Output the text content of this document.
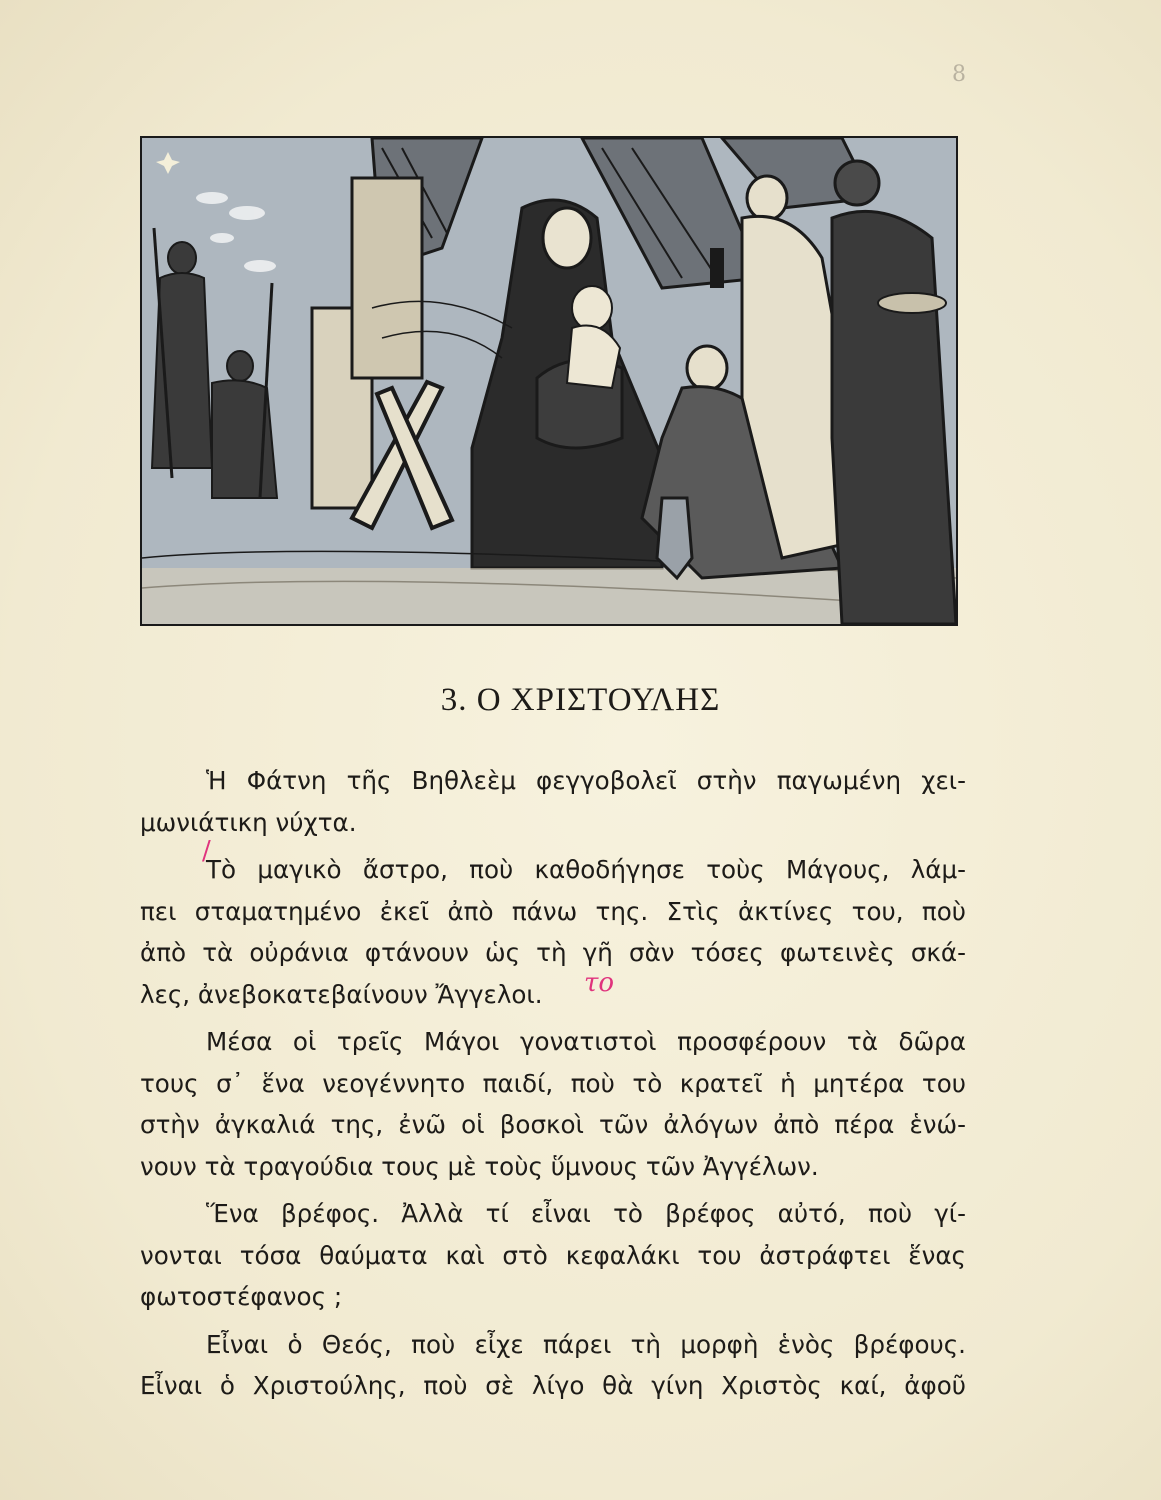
8
3. Ο ΧΡΙΣΤΟΥΛΗΣ
/
το

Ἡ Φάτνη τῆς Βηθλεὲμ φεγγοβολεῖ στὴν παγωμένη χει-
μωνιάτικη νύχτα.

Τὸ μαγικὸ ἄστρο, ποὺ καθοδήγησε τοὺς Μάγους, λάμ-
πει σταματημένο ἐκεῖ ἀπὸ πάνω της. Στὶς ἀκτίνες του, ποὺ
ἀπὸ τὰ οὐράνια φτάνουν ὡς τὴ γῆ σὰν τόσες φωτεινὲς σκά-
λες, ἀνεβοκατεβαίνουν Ἄγγελοι.

Μέσα οἱ τρεῖς Μάγοι γονατιστοὶ προσφέρουν τὰ δῶρα
τους σ᾽ ἕνα νεογέννητο παιδί, ποὺ τὸ κρατεῖ ἡ μητέρα του
στὴν ἀγκαλιά της, ἐνῶ οἱ βοσκοὶ τῶν ἀλόγων ἀπὸ πέρα ἑνώ-
νουν τὰ τραγούδια τους μὲ τοὺς ὕμνους τῶν Ἀγγέλων.

Ἕνα βρέφος. Ἀλλὰ τί εἶναι τὸ βρέφος αὐτό, ποὺ γί-
νονται τόσα θαύματα καὶ στὸ κεφαλάκι του ἀστράφτει ἕνας
φωτοστέφανος ;

Εἶναι ὁ Θεός, ποὺ εἶχε πάρει τὴ μορφὴ ἑνὸς βρέφους.
Εἶναι ὁ Χριστούλης, ποὺ σὲ λίγο θὰ γίνη Χριστὸς καί, ἀφοῦ
